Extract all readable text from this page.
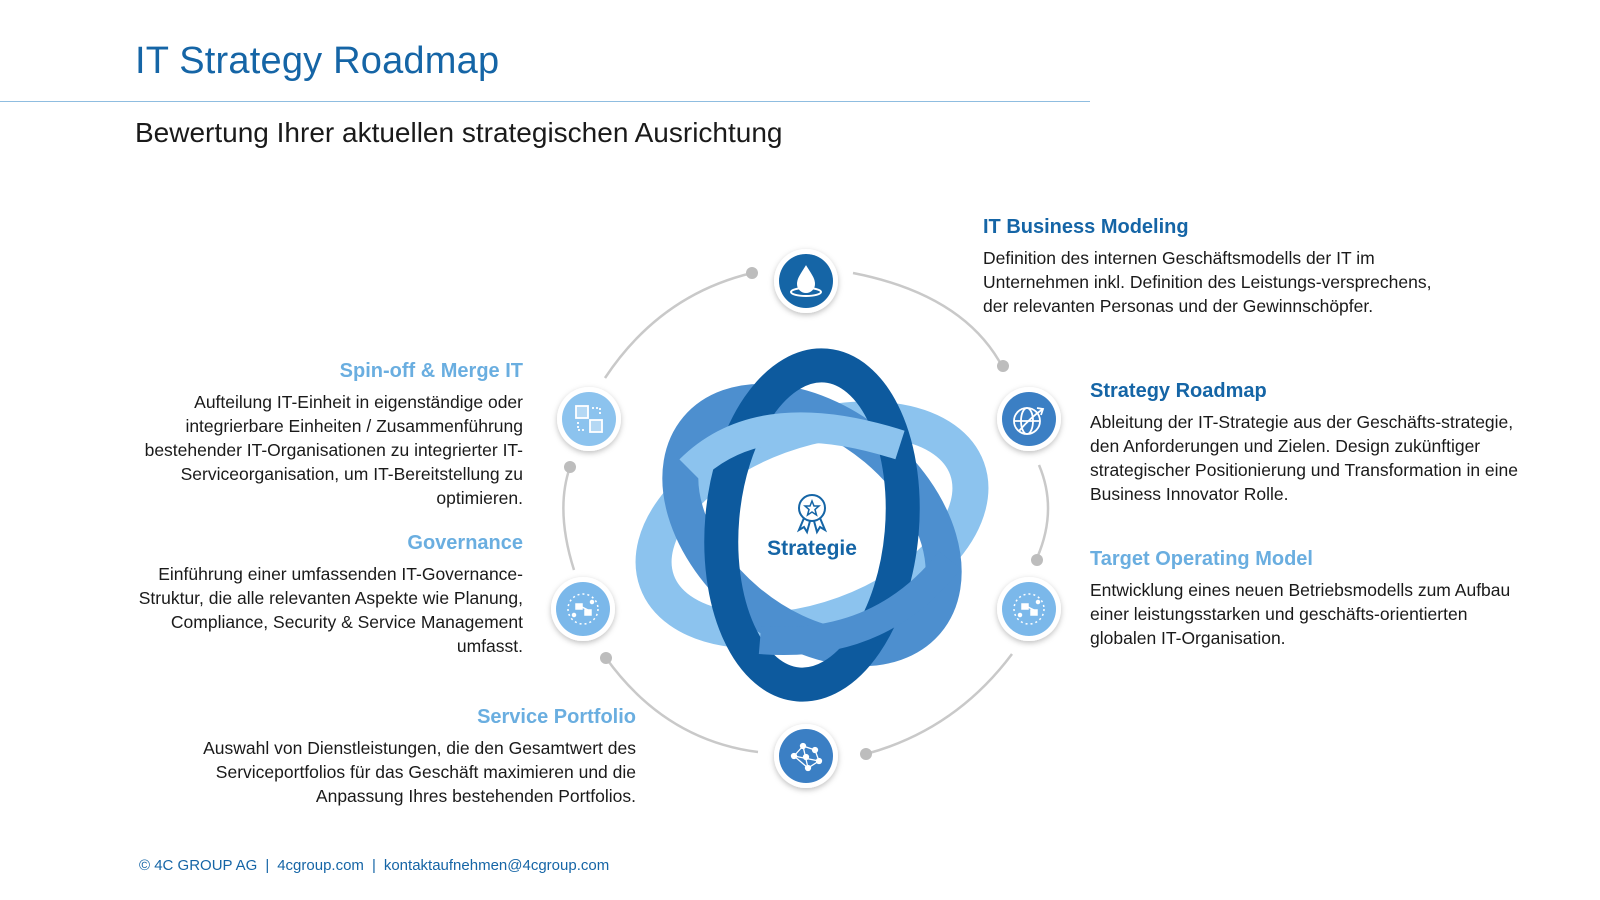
IT Strategy Roadmap
Bewertung Ihrer aktuellen strategischen Ausrichtung
Strategie
IT Business Modeling

Definition des internen Geschäftsmodells der IT im Unternehmen inkl. Definition des Leistungs-versprechens, der relevanten Personas und der Gewinnschöpfer.

Strategy Roadmap

Ableitung der IT-Strategie aus der Geschäfts-strategie, den Anforderungen und Zielen. Design zukünftiger strategischer Positionierung und Transformation in eine Business Innovator Rolle.

Target Operating Model

Entwicklung eines neuen Betriebsmodells zum Aufbau einer leistungsstarken und geschäfts-orientierten globalen IT-Organisation.

Service Portfolio

Auswahl von Dienstleistungen, die den Gesamtwert des Serviceportfolios für das Geschäft maximieren und die Anpassung Ihres bestehenden Portfolios.

Governance

Einführung einer umfassenden IT-Governance-Struktur, die alle relevanten Aspekte wie Planung, Compliance, Security & Service Management umfasst.

Spin-off & Merge IT

Aufteilung IT-Einheit in eigenständige oder integrierbare Einheiten / Zusammenführung bestehender IT-Organisationen zu integrierter IT-Serviceorganisation, um IT-Bereitstellung zu optimieren.

© 4C GROUP AG | 4cgroup.com | kontaktaufnehmen@4cgroup.com
